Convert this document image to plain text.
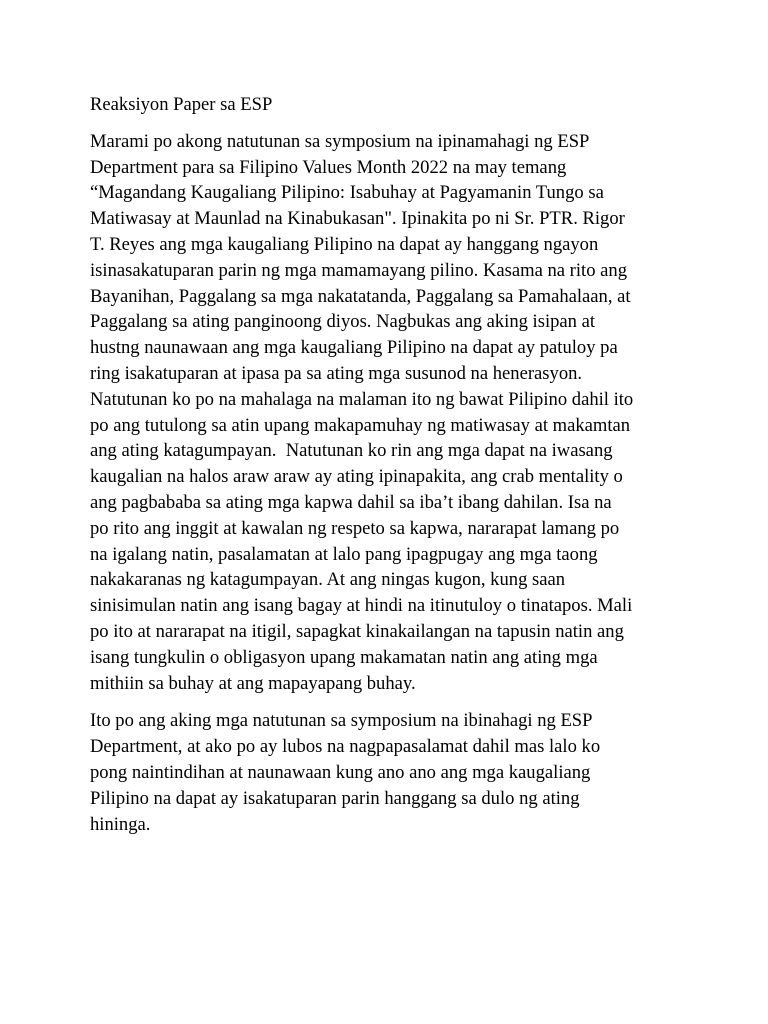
Reaksiyon Paper sa ESP
Marami po akong natutunan sa symposium na ipinamahagi ng ESP
Department para sa Filipino Values Month 2022 na may temang
“Magandang Kaugaliang Pilipino: Isabuhay at Pagyamanin Tungo sa
Matiwasay at Maunlad na Kinabukasan". Ipinakita po ni Sr. PTR. Rigor
T. Reyes ang mga kaugaliang Pilipino na dapat ay hanggang ngayon
isinasakatuparan parin ng mga mamamayang pilino. Kasama na rito ang
Bayanihan, Paggalang sa mga nakatatanda, Paggalang sa Pamahalaan, at
Paggalang sa ating panginoong diyos. Nagbukas ang aking isipan at
hustng naunawaan ang mga kaugaliang Pilipino na dapat ay patuloy pa
ring isakatuparan at ipasa pa sa ating mga susunod na henerasyon.
Natutunan ko po na mahalaga na malaman ito ng bawat Pilipino dahil ito
po ang tutulong sa atin upang makapamuhay ng matiwasay at makamtan
ang ating katagumpayan.  Natutunan ko rin ang mga dapat na iwasang
kaugalian na halos araw araw ay ating ipinapakita, ang crab mentality o
ang pagbababa sa ating mga kapwa dahil sa iba’t ibang dahilan. Isa na
po rito ang inggit at kawalan ng respeto sa kapwa, nararapat lamang po
na igalang natin, pasalamatan at lalo pang ipagpugay ang mga taong
nakakaranas ng katagumpayan. At ang ningas kugon, kung saan
sinisimulan natin ang isang bagay at hindi na itinutuloy o tinatapos. Mali
po ito at nararapat na itigil, sapagkat kinakailangan na tapusin natin ang
isang tungkulin o obligasyon upang makamatan natin ang ating mga
mithiin sa buhay at ang mapayapang buhay.
Ito po ang aking mga natutunan sa symposium na ibinahagi ng ESP
Department, at ako po ay lubos na nagpapasalamat dahil mas lalo ko
pong naintindihan at naunawaan kung ano ano ang mga kaugaliang
Pilipino na dapat ay isakatuparan parin hanggang sa dulo ng ating
hininga.
